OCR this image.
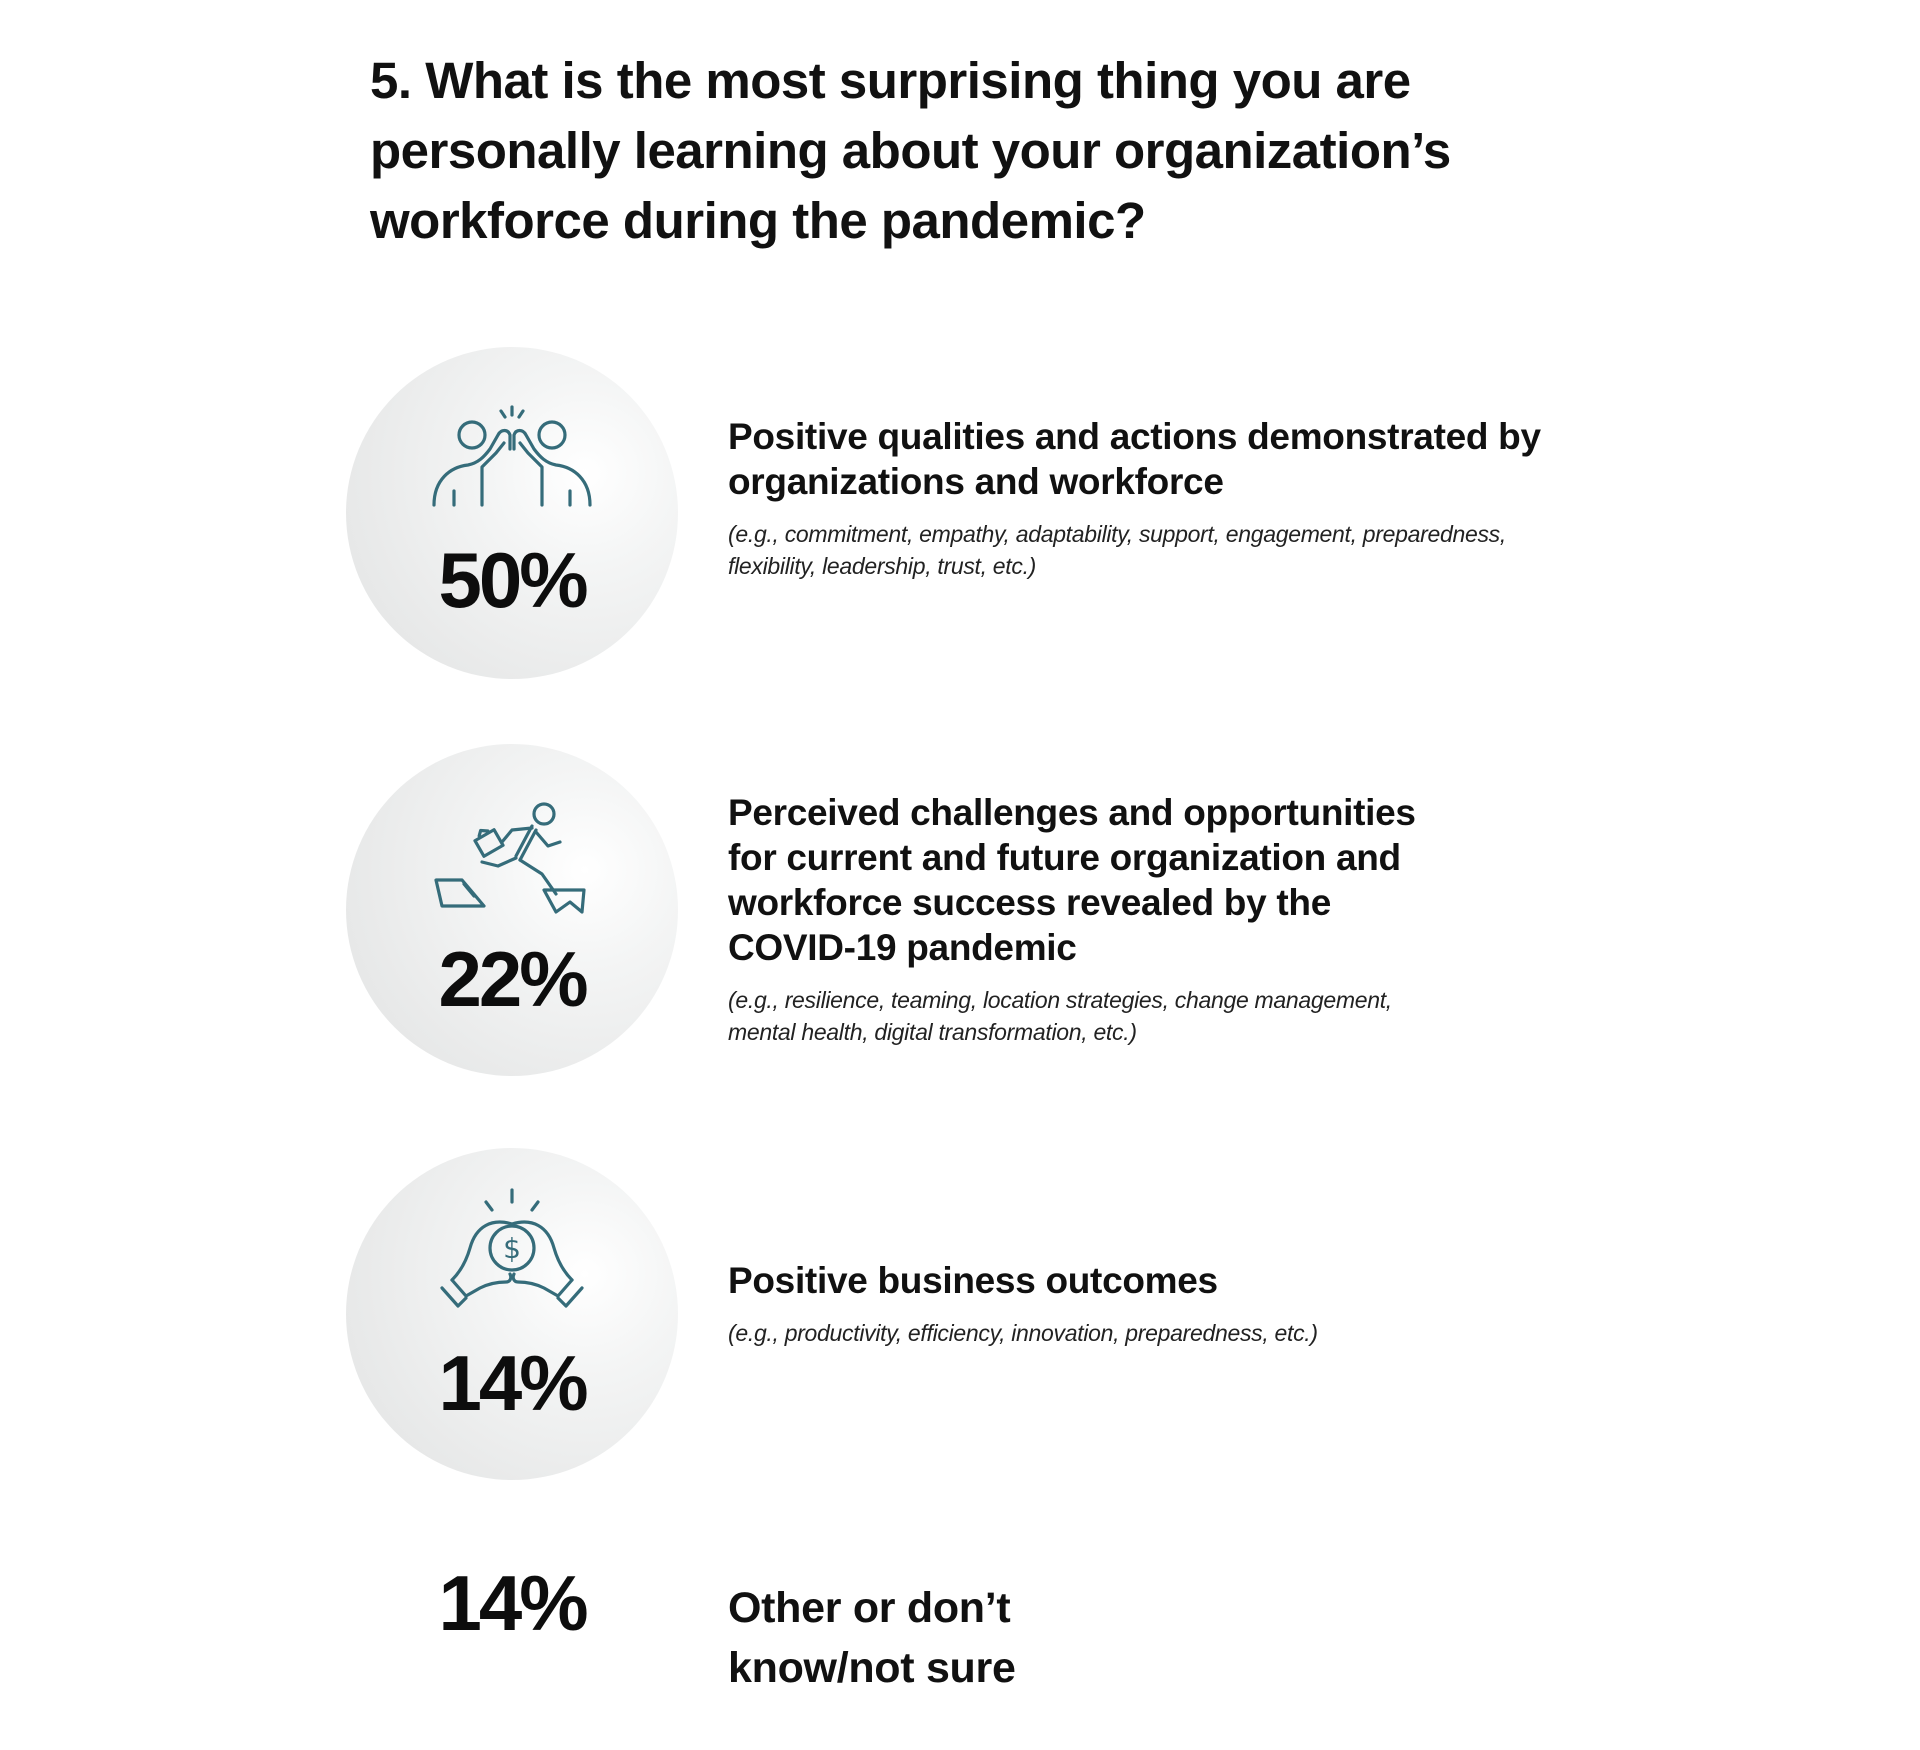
5. What is the most surprising thing you are personally learning about your organization’s workforce during the pandemic?
50%

Positive qualities and actions demonstrated by organizations and workforce

(e.g., commitment, empathy, adaptability, support, engagement, preparedness, flexibility, leadership, trust, etc.)

22%

Perceived challenges and opportunities for current and future organization and workforce success revealed by the COVID-19 pandemic

(e.g., resilience, teaming, location strategies, change management, mental health, digital transformation, etc.)

$
14%

Positive business outcomes

(e.g., productivity, efficiency, innovation, preparedness, etc.)

14%	Other or don’t

know/not sure
